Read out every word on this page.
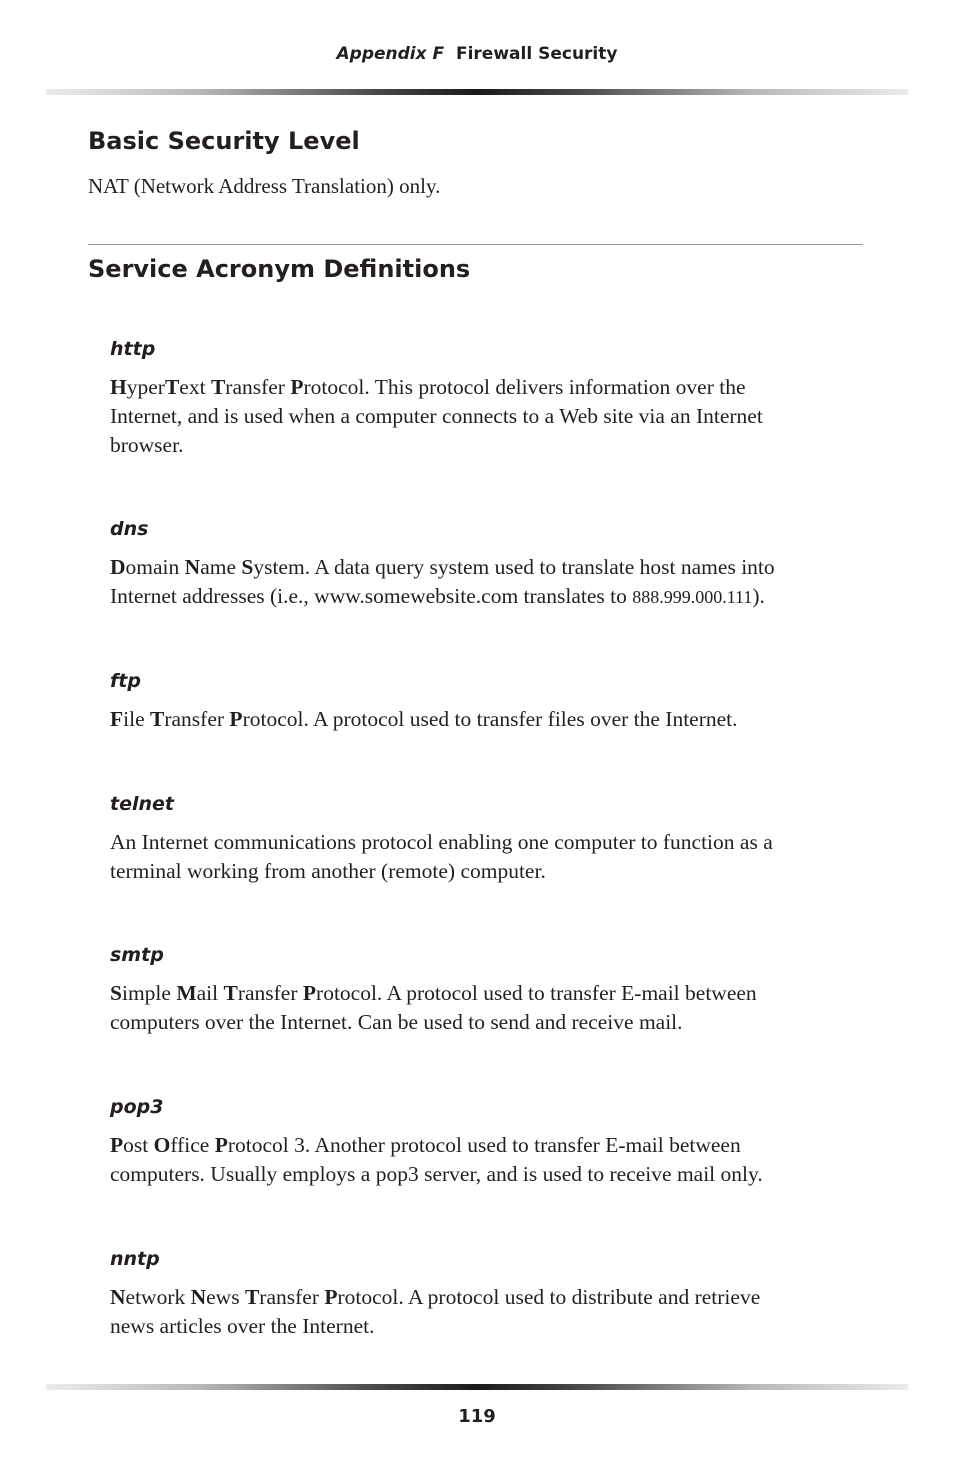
Appendix F Firewall Security
Basic Security Level
NAT (Network Address Translation) only.
Service Acronym Definitions
http
HyperText Transfer Protocol. This protocol delivers information over the
Internet, and is used when a computer connects to a Web site via an Internet
browser.
dns
Domain Name System. A data query system used to translate host names into
Internet addresses (i.e., www.somewebsite.com translates to 888.999.000.111).
ftp
File Transfer Protocol. A protocol used to transfer files over the Internet.
telnet
An Internet communications protocol enabling one computer to function as a
terminal working from another (remote) computer.
smtp
Simple Mail Transfer Protocol. A protocol used to transfer E-mail between
computers over the Internet. Can be used to send and receive mail.
pop3
Post Office Protocol 3. Another protocol used to transfer E-mail between
computers. Usually employs a pop3 server, and is used to receive mail only.
nntp
Network News Transfer Protocol. A protocol used to distribute and retrieve
news articles over the Internet.
119
